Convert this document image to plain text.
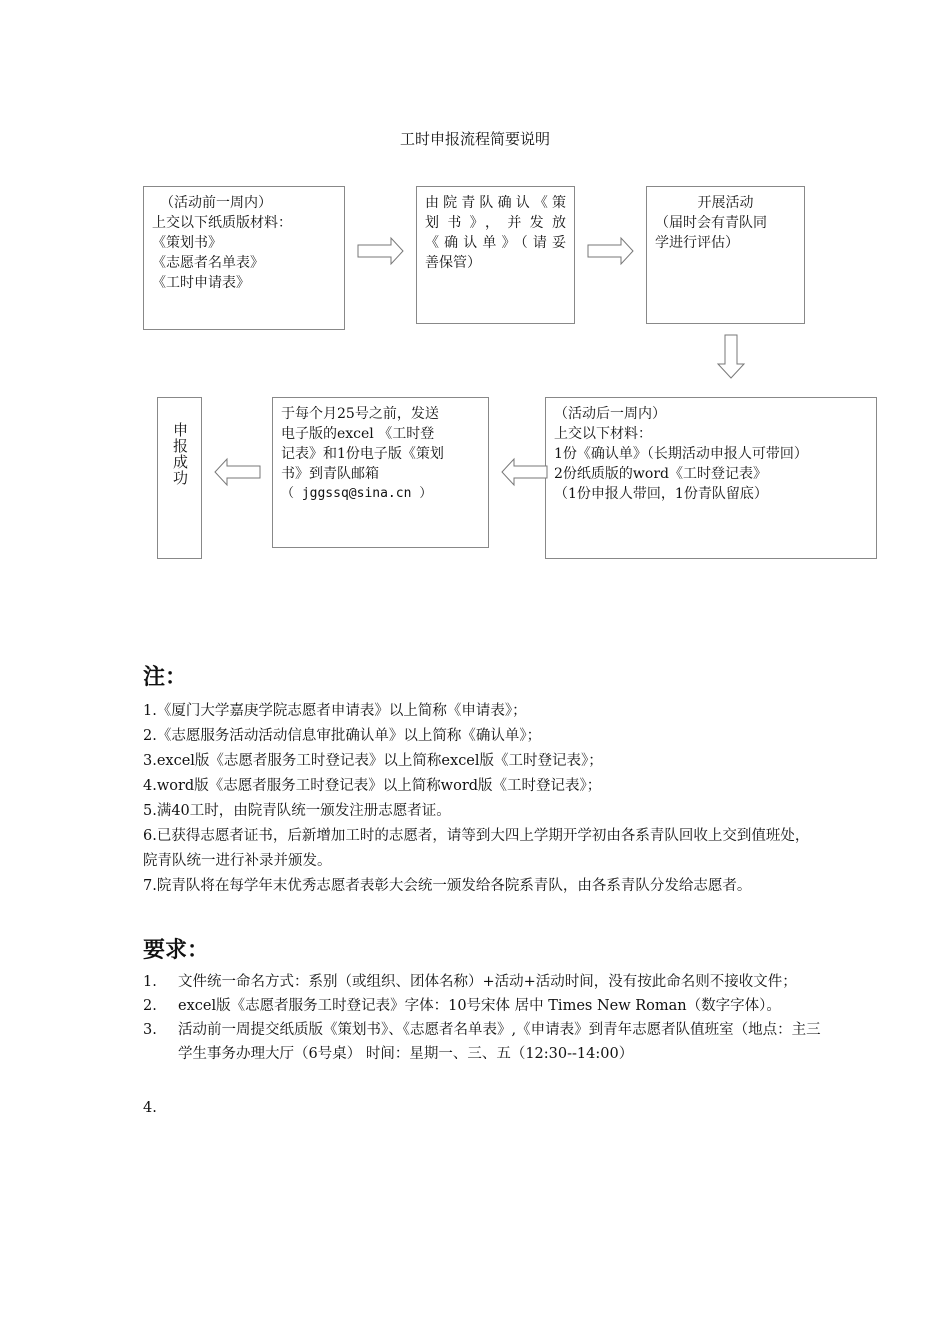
工时申报流程简要说明
（活动前一周内）
上交以下纸质版材料：
《策划书》
《志愿者名单表》
《工时申请表》
由院青队确认《策
划书》，并发放
《确认单》（请妥
善保管）
开展活动
（届时会有青队同
学进行评估）
（活动后一周内）
上交以下材料：
1份《确认单》（长期活动申报人可带回）
2份纸质版的word《工时登记表》
（1份申报人带回，1份青队留底）
于每个月25号之前，发送
电子版的excel 《工时登
记表》和1份电子版《策划
书》到青队邮箱
（ jggssq@sina.cn ）
申报成功
注：
1.《厦门大学嘉庚学院志愿者申请表》以上简称《申请表》；
2.《志愿服务活动活动信息审批确认单》以上简称《确认单》；
3.excel版《志愿者服务工时登记表》以上简称excel版《工时登记表》；
4.word版《志愿者服务工时登记表》以上简称word版《工时登记表》；
5.满40工时，由院青队统一颁发注册志愿者证。
6.已获得志愿者证书，后新增加工时的志愿者，请等到大四上学期开学初由各系青队回收上交到值班处，院青队统一进行补录并颁发。
7.院青队将在每学年末优秀志愿者表彰大会统一颁发给各院系青队，由各系青队分发给志愿者。
要求：
1.	文件统一命名方式：系别（或组织、团体名称）+活动+活动时间，没有按此命名则不接收文件；
2.	excel版《志愿者服务工时登记表》字体：10号宋体 居中 Times New Roman（数字字体）。
3.	活动前一周提交纸质版《策划书》、《志愿者名单表》,《申请表》到青年志愿者队值班室（地点：主三学生事务办理大厅（6号桌） 时间：星期一、三、五（12:30--14:00）
4.
